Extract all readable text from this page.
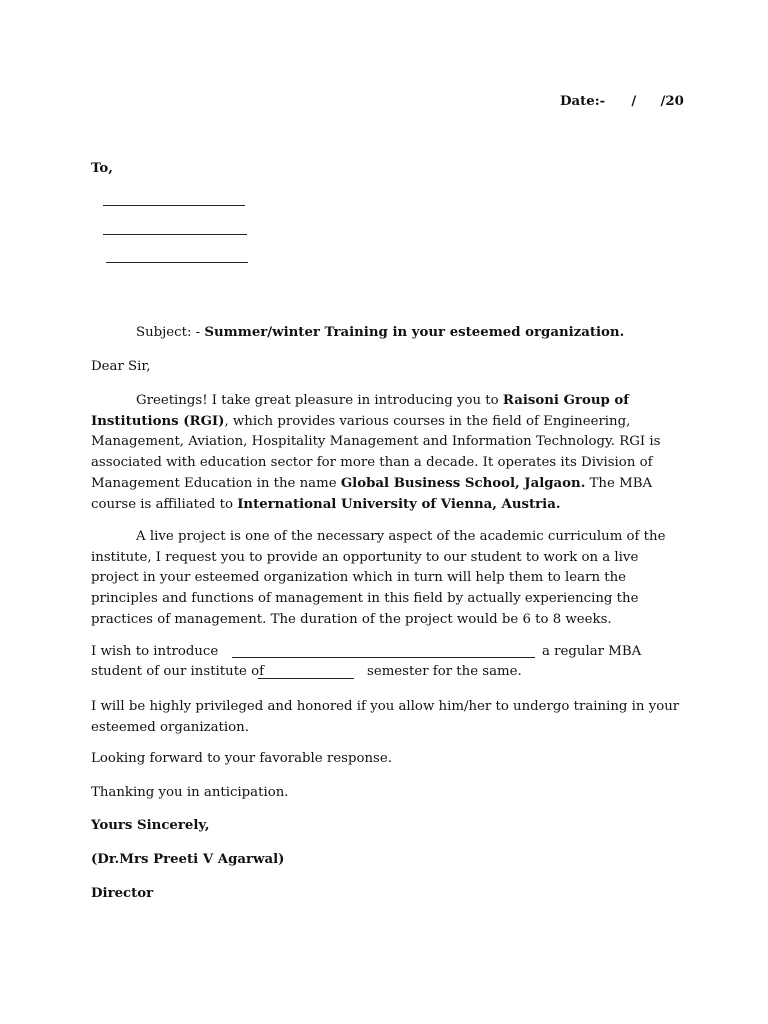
Date:- / /20
To,
Subject: - Summer/winter Training in your esteemed organization.
Dear Sir,
Greetings! I take great pleasure in introducing you to Raisoni Group of Institutions (RGI), which provides various courses in the field of Engineering, Management, Aviation, Hospitality Management and Information Technology. RGI is associated with education sector for more than a decade. It operates its Division of Management Education in the name Global Business School, Jalgaon. The MBA course is affiliated to International University of Vienna, Austria.
A live project is one of the necessary aspect of the academic curriculum of the institute, I request you to provide an opportunity to our student to work on a live project in your esteemed organization which in turn will help them to learn the principles and functions of management in this field by actually experiencing the practices of management. The duration of the project would be 6 to 8 weeks.
I wish to introduce	a regular MBA
student of our institute of	semester for the same.
I will be highly privileged and honored if you allow him/her to undergo training in your esteemed organization.
Looking forward to your favorable response.
Thanking you in anticipation.
Yours Sincerely,
(Dr.Mrs Preeti V Agarwal)
Director
